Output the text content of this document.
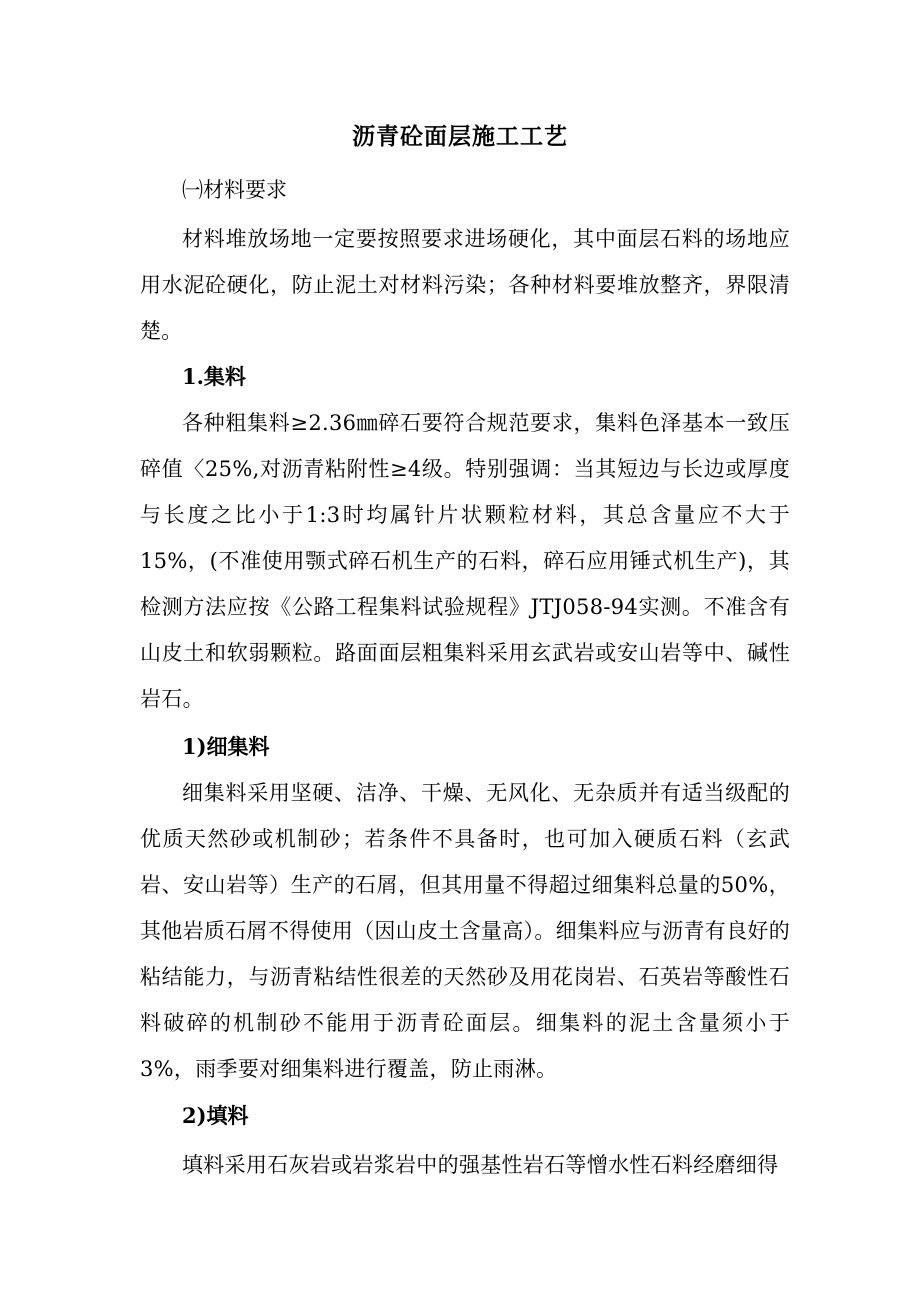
沥青砼面层施工工艺

㈠材料要求

材料堆放场地一定要按照要求进场硬化，其中面层石料的场地应用水泥砼硬化，防止泥土对材料污染；各种材料要堆放整齐，界限清楚。

1.集料

各种粗集料≥2.36㎜碎石要符合规范要求，集料色泽基本一致压碎值〈25%,对沥青粘附性≥4级。特别强调：当其短边与长边或厚度与长度之比小于1:3时均属针片状颗粒材料，其总含量应不大于15%，(不准使用颚式碎石机生产的石料，碎石应用锤式机生产)，其检测方法应按《公路工程集料试验规程》JTJ058-94实测。不准含有山皮土和软弱颗粒。路面面层粗集料采用玄武岩或安山岩等中、碱性岩石。

1)细集料

细集料采用坚硬、洁净、干燥、无风化、无杂质并有适当级配的优质天然砂或机制砂；若条件不具备时，也可加入硬质石料（玄武岩、安山岩等）生产的石屑，但其用量不得超过细集料总量的50%，其他岩质石屑不得使用（因山皮土含量高）。细集料应与沥青有良好的粘结能力，与沥青粘结性很差的天然砂及用花岗岩、石英岩等酸性石料破碎的机制砂不能用于沥青砼面层。细集料的泥土含量须小于3%，雨季要对细集料进行覆盖，防止雨淋。

2)填料

填料采用石灰岩或岩浆岩中的强基性岩石等憎水性石料经磨细得
